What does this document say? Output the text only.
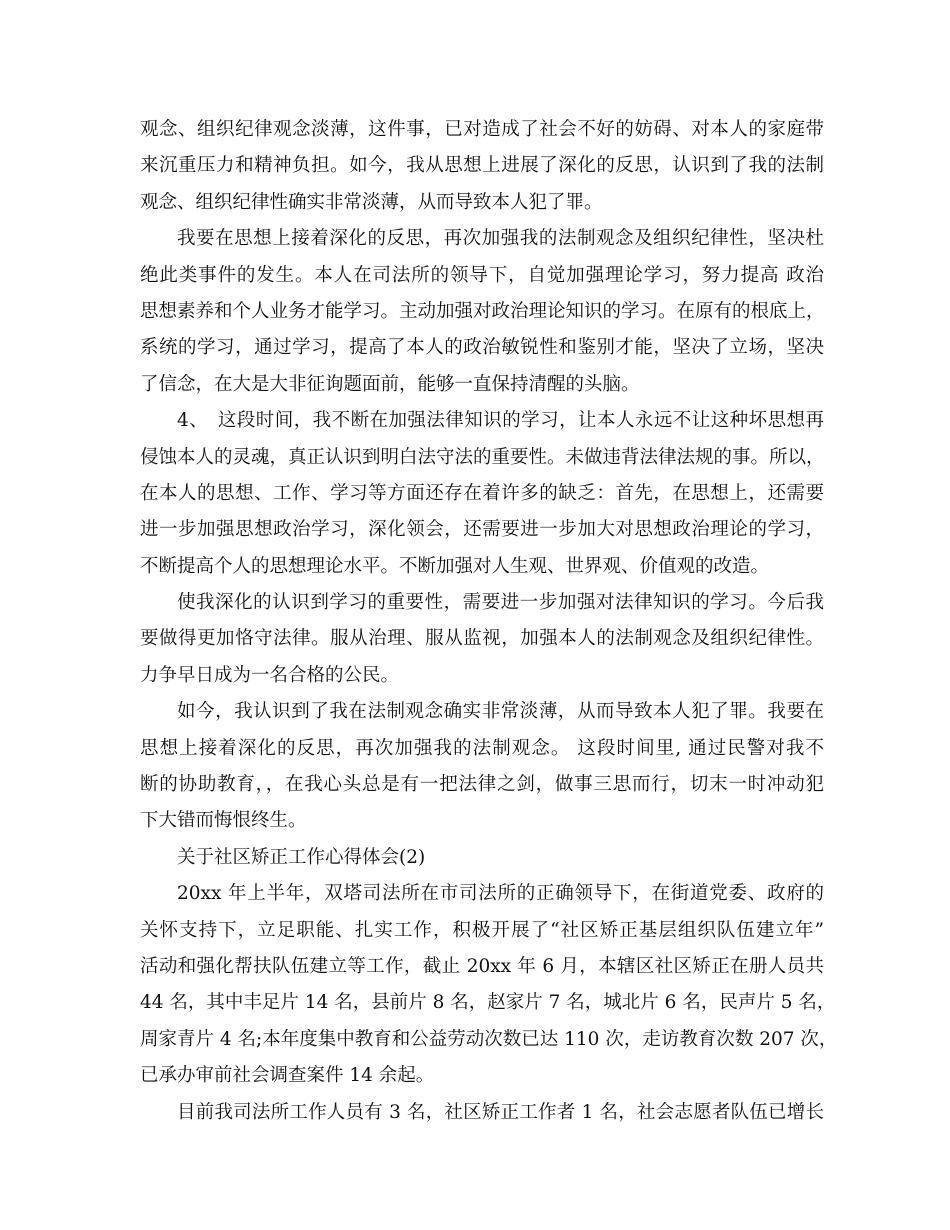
观念、组织纪律观念淡薄，这件事，已对造成了社会不好的妨碍、对本人的家庭带
来沉重压力和精神负担。如今，我从思想上进展了深化的反思，认识到了我的法制
观念、组织纪律性确实非常淡薄，从而导致本人犯了罪。
我要在思想上接着深化的反思，再次加强我的法制观念及组织纪律性，坚决杜
绝此类事件的发生。本人在司法所的领导下，自觉加强理论学习，努力提高 政治
思想素养和个人业务才能学习。主动加强对政治理论知识的学习。在原有的根底上，
系统的学习，通过学习，提高了本人的政治敏锐性和鉴别才能，坚决了立场，坚决
了信念，在大是大非征询题面前，能够一直保持清醒的头脑。
4、　这段时间，我不断在加强法律知识的学习，让本人永远不让这种坏思想再
侵蚀本人的灵魂，真正认识到明白法守法的重要性。未做违背法律法规的事。所以，
在本人的思想、工作、学习等方面还存在着许多的缺乏：首先，在思想上，还需要
进一步加强思想政治学习，深化领会，还需要进一步加大对思想政治理论的学习，
不断提高个人的思想理论水平。不断加强对人生观、世界观、价值观的改造。
使我深化的认识到学习的重要性，需要进一步加强对法律知识的学习。今后我
要做得更加恪守法律。服从治理、服从监视，加强本人的法制观念及组织纪律性。
力争早日成为一名合格的公民。
如今，我认识到了我在法制观念确实非常淡薄，从而导致本人犯了罪。我要在
思想上接着深化的反思，再次加强我的法制观念。 这段时间里, 通过民警对我不
断的协助教育，，在我心头总是有一把法律之剑，做事三思而行，切末一时冲动犯
下大错而悔恨终生。
关于社区矫正工作心得体会(2)
20xx 年上半年，双塔司法所在市司法所的正确领导下，在街道党委、政府的
关怀支持下，立足职能、扎实工作，积极开展了“社区矫正基层组织队伍建立年”
活动和强化帮扶队伍建立等工作，截止 20xx 年 6 月，本辖区社区矫正在册人员共
44 名，其中丰足片 14 名，县前片 8 名，赵家片 7 名，城北片 6 名，民声片 5 名，
周家青片 4 名;本年度集中教育和公益劳动次数已达 110 次，走访教育次数 207 次，
已承办审前社会调查案件 14 余起。
目前我司法所工作人员有 3 名，社区矫正工作者 1 名，社会志愿者队伍已增长
